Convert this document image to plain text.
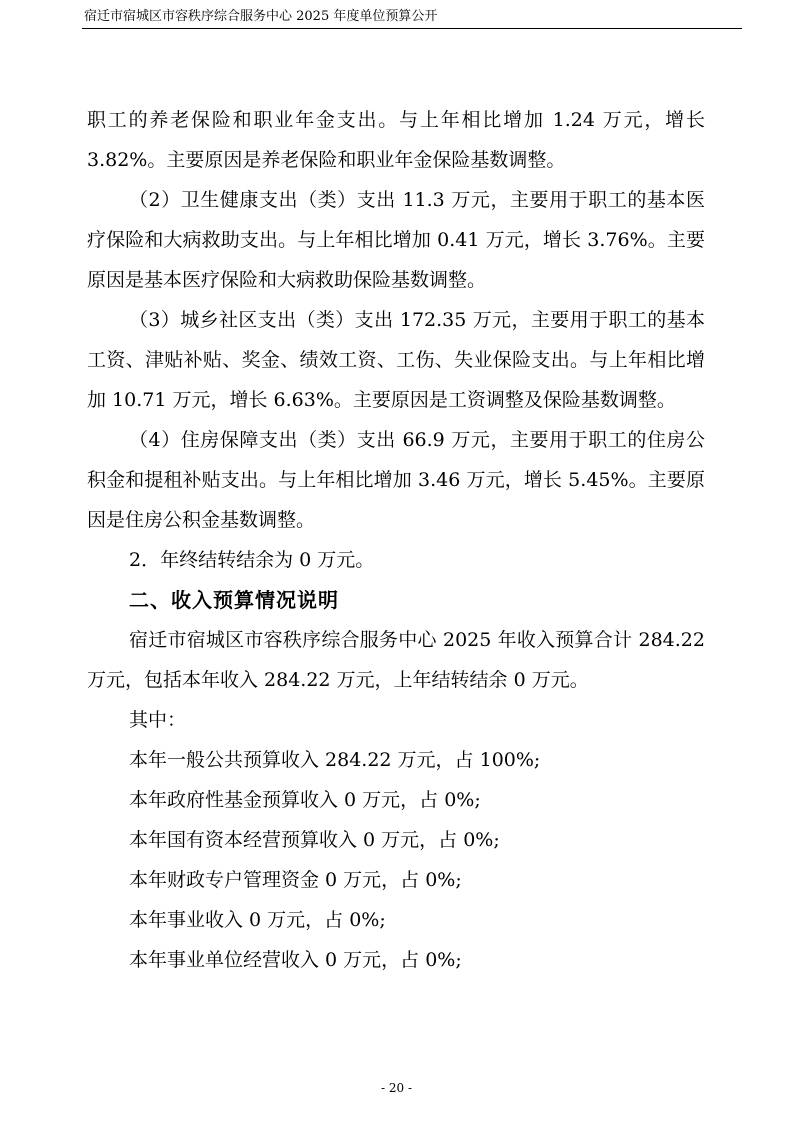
宿迁市宿城区市容秩序综合服务中心 2025 年度单位预算公开

职工的养老保险和职业年金支出。与上年相比增加 1.24 万元，增长 3.82%。主要原因是养老保险和职业年金保险基数调整。

（2）卫生健康支出（类）支出 11.3 万元，主要用于职工的基本医疗保险和大病救助支出。与上年相比增加 0.41 万元，增长 3.76%。主要原因是基本医疗保险和大病救助保险基数调整。

（3）城乡社区支出（类）支出 172.35 万元，主要用于职工的基本工资、津贴补贴、奖金、绩效工资、工伤、失业保险支出。与上年相比增加 10.71 万元，增长 6.63%。主要原因是工资调整及保险基数调整。

（4）住房保障支出（类）支出 66.9 万元，主要用于职工的住房公积金和提租补贴支出。与上年相比增加 3.46 万元，增长 5.45%。主要原因是住房公积金基数调整。

2．年终结转结余为 0 万元。

二、收入预算情况说明

宿迁市宿城区市容秩序综合服务中心 2025 年收入预算合计 284.22 万元，包括本年收入 284.22 万元，上年结转结余 0 万元。

其中：

本年一般公共预算收入 284.22 万元，占 100%;

本年政府性基金预算收入 0 万元，占 0%;

本年国有资本经营预算收入 0 万元，占 0%;

本年财政专户管理资金 0 万元，占 0%;

本年事业收入 0 万元，占 0%;

本年事业单位经营收入 0 万元，占 0%;

- 20 -
